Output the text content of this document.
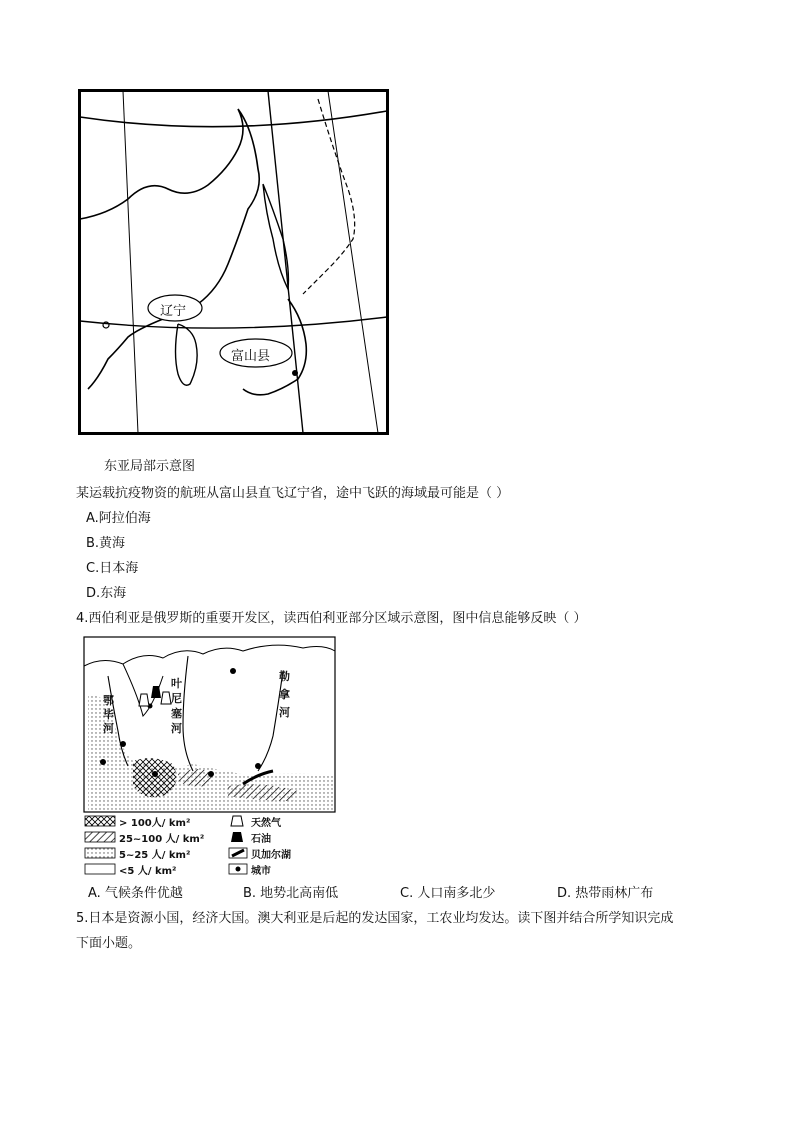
辽宁
富山县
东亚局部示意图
某运载抗疫物资的航班从富山县直飞辽宁省，途中飞跃的海域最可能是（ ）
A.阿拉伯海
B.黄海
C.日本海
D.东海
4.西伯利亚是俄罗斯的重要开发区，读西伯利亚部分区域示意图，图中信息能够反映（ ）
鄂毕河
叶尼塞河
勒拿河
> 100人/ km²
25~100 人/ km²
5~25 人/ km²
<5 人/ km²
天然气
石油
贝加尔湖
城市
A. 气候条件优越	B. 地势北高南低	C. 人口南多北少	D. 热带雨林广布
5.日本是资源小国，经济大国。澳大利亚是后起的发达国家，工农业均发达。读下图并结合所学知识完成
下面小题。
